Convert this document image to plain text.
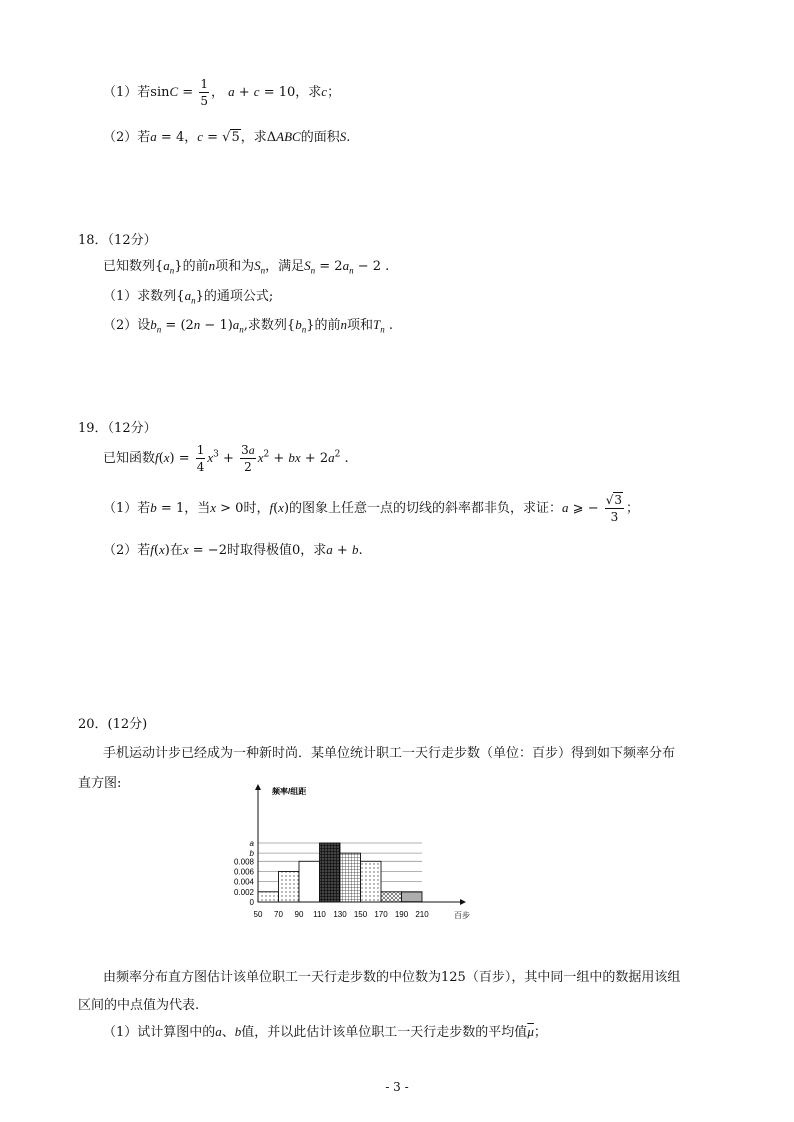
（1）若$\sin C = \frac{1}{5}$ ， a + c = 10，求c；
（2）若a = 4，c = √5，求ΔABC的面积S.
18．（12分）
已知数列$\{a_n\}$的前n项和为$S_n$，满足$S_n = 2a_n - 2$ .
（1）求数列$\{a_n\}$的通项公式;
（2）设$b_n = (2n - 1)a_n$,求数列$\{b_n\}$的前n项和$T_n$ .
19．（12分）
已知函数$f(x) = \frac{1}{4} x^3 + \frac{3a}{2} x^2$ + bx + $2a^2$ .
（1）若b = 1，当x > 0时，f(x)的图象上任意一点的切线的斜率都非负，求证：a ⩾ − $\frac{√3}{3}$ ；
（2）若f(x)在x = −2时取得极值0，求a + b.
20．(12分)
手机运动计步已经成为一种新时尚．某单位统计职工一天行走步数（单位：百步）得到如下频率分布
直方图:
0
0.002
0.004
0.006
0.008
b
a
50 70 90 110 130 150 170 190 210	百步
频率/组距
由频率分布直方图估计该单位职工一天行走步数的中位数为125（百步），其中同一组中的数据用该组
区间的中点值为代表.
（1）试计算图中的a、b值，并以此估计该单位职工一天行走步数的平均值$\overline{\mu}$；
- 3 -
